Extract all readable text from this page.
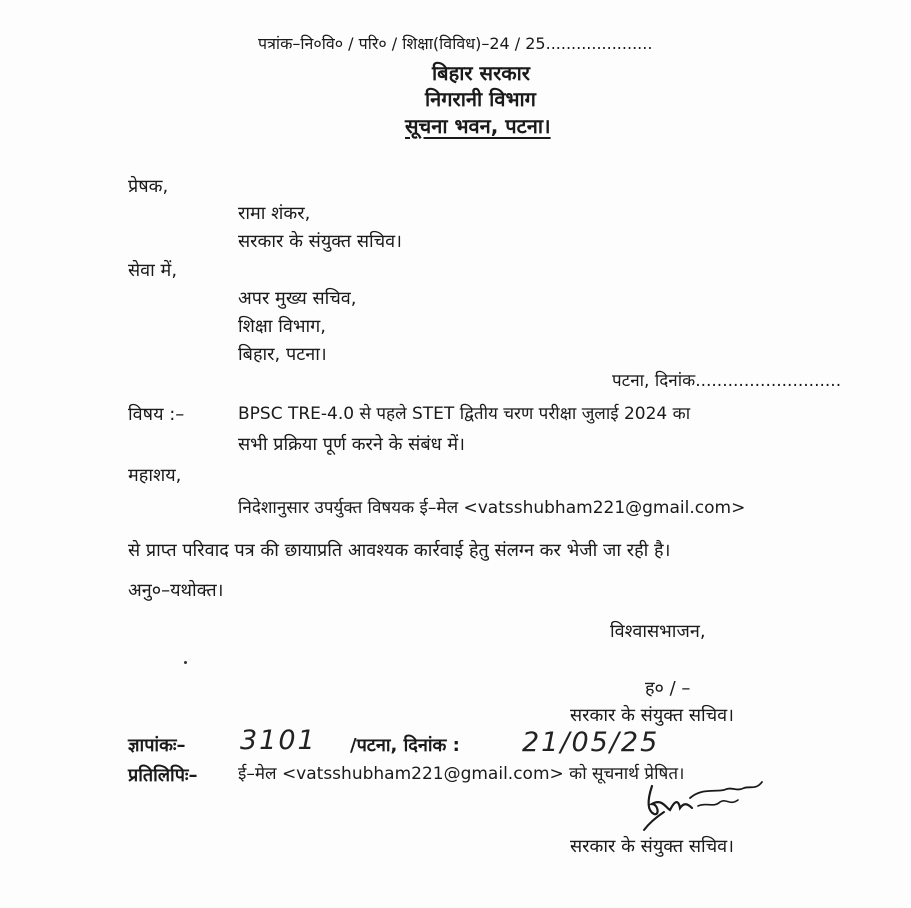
पत्रांक–नि०वि० / परि० / शिक्षा(विविध)–24 / 25.....................
बिहार सरकार
निगरानी विभाग
सूचना भवन, पटना।
प्रेषक,
रामा शंकर,
सरकार के संयुक्त सचिव।
सेवा में,
अपर मुख्य सचिव,
शिक्षा विभाग,
बिहार, पटना।
पटना, दिनांक...........................
विषय :–	BPSC TRE-4.0 से पहले STET द्वितीय चरण परीक्षा जुलाई 2024 का
सभी प्रक्रिया पूर्ण करने के संबंध में।
महाशय,
निदेशानुसार उपर्युक्त विषयक ई–मेल <vatsshubham221@gmail.com>
से प्राप्त परिवाद पत्र की छायाप्रति आवश्यक कार्रवाई हेतु संलग्न कर भेजी जा रही है।
अनु०–यथोक्त।
विश्वासभाजन,
ह० / –
सरकार के संयुक्त सचिव।
ज्ञापांकः– 3101 /पटना, दिनांक : 21/05/25
प्रतिलिपिः– ई–मेल <vatsshubham221@gmail.com> को सूचनार्थ प्रेषित।
सरकार के संयुक्त सचिव।
